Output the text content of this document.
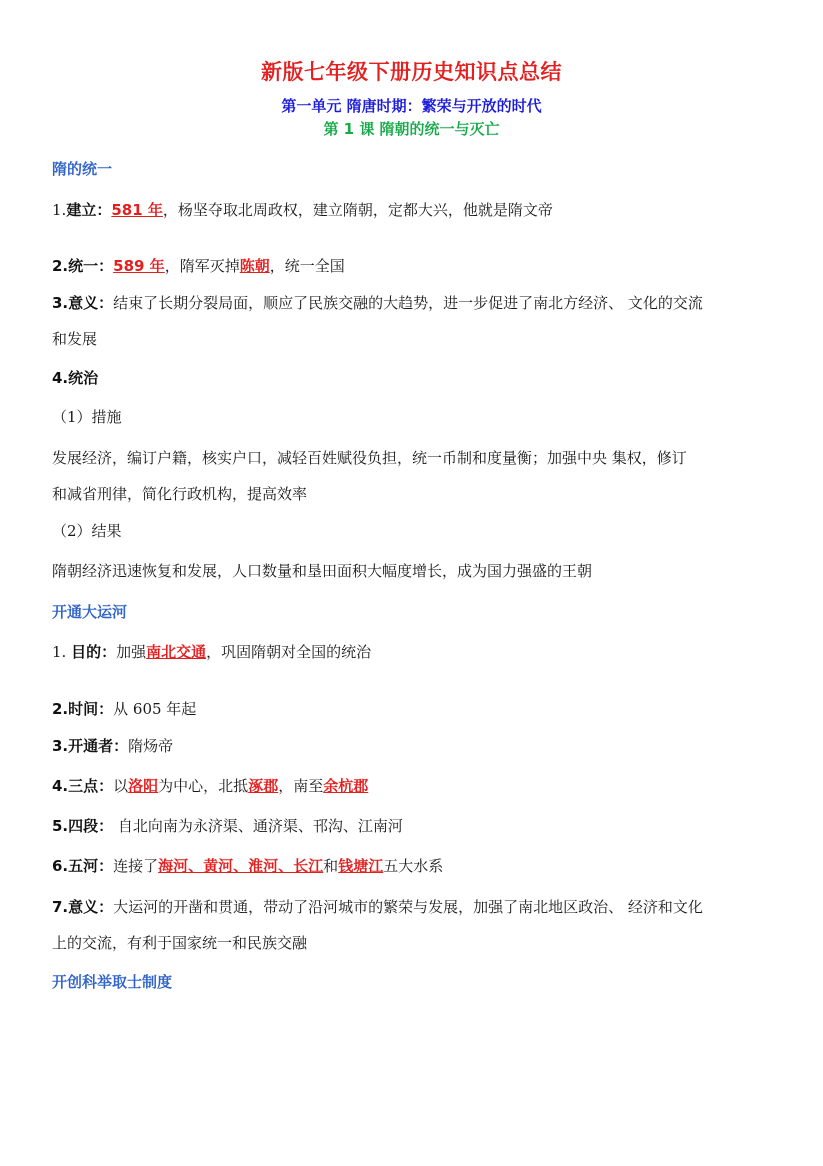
新版七年级下册历史知识点总结
第一单元 隋唐时期：繁荣与开放的时代
第 1 课 隋朝的统一与灭亡
隋的统一
1.建立：581 年，杨坚夺取北周政权，建立隋朝，定都大兴，他就是隋文帝
2.统一：589 年，隋军灭掉陈朝，统一全国
3.意义：结束了长期分裂局面，顺应了民族交融的大趋势，进一步促进了南北方经济、 文化的交流
和发展
4.统治
（1）措施
发展经济，编订户籍，核实户口，减轻百姓赋役负担，统一币制和度量衡；加强中央 集权，修订
和减省刑律，简化行政机构，提高效率
（2）结果
隋朝经济迅速恢复和发展，人口数量和垦田面积大幅度增长，成为国力强盛的王朝
开通大运河
1. 目的：加强南北交通，巩固隋朝对全国的统治
2.时间：从 605 年起
3.开通者：隋炀帝
4.三点：以洛阳为中心，北抵涿郡，南至余杭郡
5.四段： 自北向南为永济渠、通济渠、邗沟、江南河
6.五河：连接了海河、黄河、淮河、长江和钱塘江五大水系
7.意义：大运河的开凿和贯通，带动了沿河城市的繁荣与发展，加强了南北地区政治、 经济和文化
上的交流，有利于国家统一和民族交融
开创科举取士制度
